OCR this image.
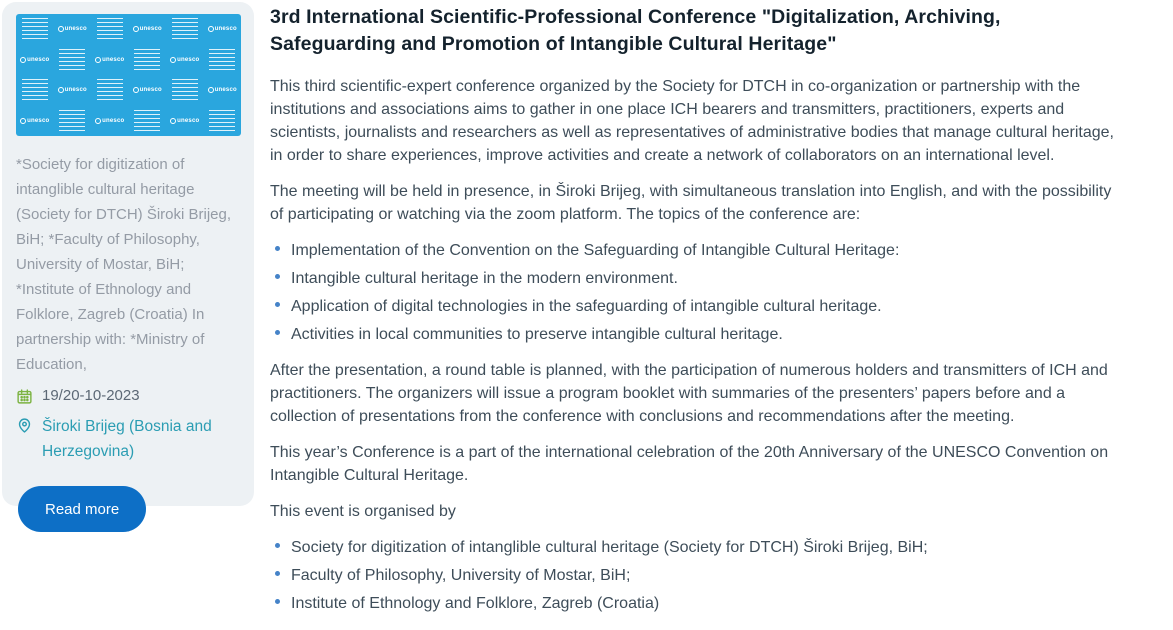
unesco	unesco	unesco
unesco	unesco	unesco
unesco	unesco	unesco
unesco	unesco	unesco
*Society for digitization of intanglible cultural heritage (Society for DTCH) Široki Brijeg, BiH; *Faculty of Philosophy, University of Mostar, BiH; *Institute of Ethnology and Folklore, Zagreb (Croatia) In partnership with: *Ministry of Education,
19/20-10-2023
Široki Brijeg (Bosnia and Herzegovina)
Read more
3rd International Scientific-Professional Conference "Digitalization, Archiving, Safeguarding and Promotion of Intangible Cultural Heritage"

This third scientific-expert conference organized by the Society for DTCH in co-organization or partnership with the institutions and associations aims to gather in one place ICH bearers and transmitters, practitioners, experts and scientists, journalists and researchers as well as representatives of administrative bodies that manage cultural heritage, in order to share experiences, improve activities and create a network of collaborators on an international level.

The meeting will be held in presence, in Široki Brijeg, with simultaneous translation into English, and with the possibility of participating or watching via the zoom platform. The topics of the conference are:

Implementation of the Convention on the Safeguarding of Intangible Cultural Heritage:
Intangible cultural heritage in the modern environment.
Application of digital technologies in the safeguarding of intangible cultural heritage.
Activities in local communities to preserve intangible cultural heritage.

After the presentation, a round table is planned, with the participation of numerous holders and transmitters of ICH and practitioners. The organizers will issue a program booklet with summaries of the presenters’ papers before and a collection of presentations from the conference with conclusions and recommendations after the meeting.

This year’s Conference is a part of the international celebration of the 20th Anniversary of the UNESCO Convention on Intangible Cultural Heritage.

This event is organised by

Society for digitization of intanglible cultural heritage (Society for DTCH) Široki Brijeg, BiH;
Faculty of Philosophy, University of Mostar, BiH;
Institute of Ethnology and Folklore, Zagreb (Croatia)
